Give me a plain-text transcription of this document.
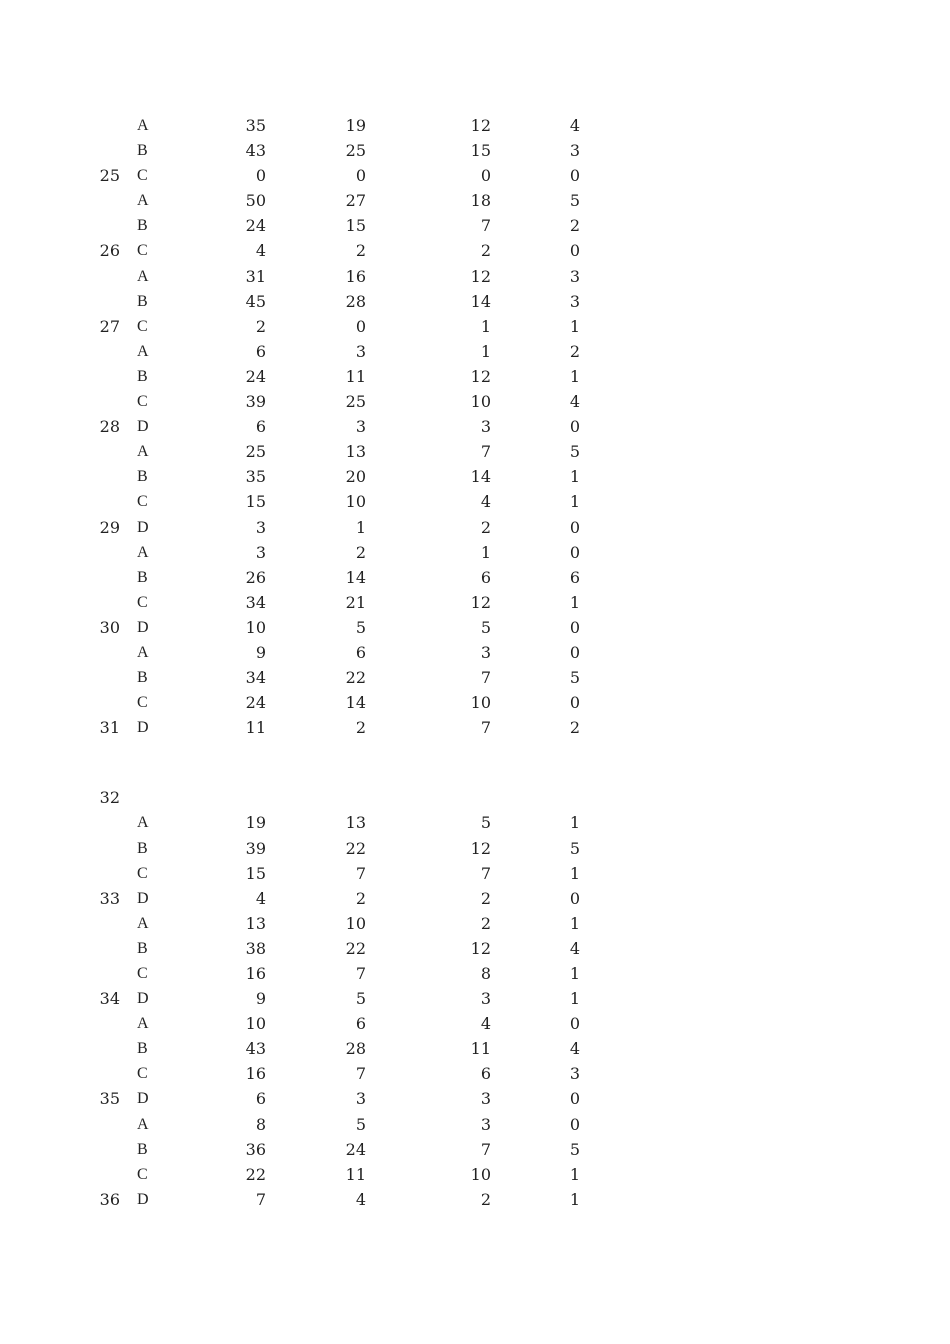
A	35	19	12	4
B	43	25	15	3
25 C	0	0	0	0
A	50	27	18	5
B	24	15	7	2
26 C	4	2	2	0
A	31	16	12	3
B	45	28	14	3
27 C	2	0	1	1
A	6	3	1	2
B	24	11	12	1
C	39	25	10	4
28 D	6	3	3	0
A	25	13	7	5
B	35	20	14	1
C	15	10	4	1
29 D	3	1	2	0
A	3	2	1	0
B	26	14	6	6
C	34	21	12	1
30 D	10	5	5	0
A	9	6	3	0
B	34	22	7	5
C	24	14	10	0
31 D	11	2	7	2
32
A	19	13	5	1
B	39	22	12	5
C	15	7	7	1
33 D	4	2	2	0
A	13	10	2	1
B	38	22	12	4
C	16	7	8	1
34 D	9	5	3	1
A	10	6	4	0
B	43	28	11	4
C	16	7	6	3
35 D	6	3	3	0
A	8	5	3	0
B	36	24	7	5
C	22	11	10	1
36 D	7	4	2	1
